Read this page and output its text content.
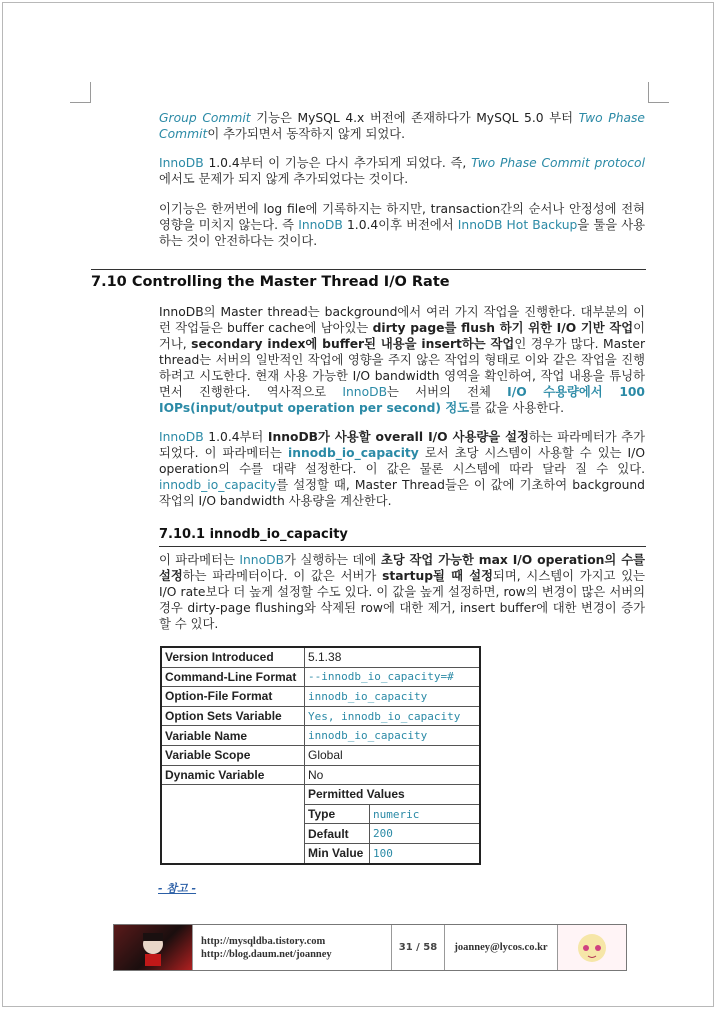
Group Commit 기능은 MySQL 4.x 버전에 존재하다가 MySQL 5.0 부터 Two Phase Commit이 추가되면서 동작하지 않게 되었다.

InnoDB 1.0.4부터 이 기능은 다시 추가되게 되었다. 즉, Two Phase Commit protocol에서도 문제가 되지 않게 추가되었다는 것이다.

이기능은 한꺼번에 log file에 기록하지는 하지만, transaction간의 순서나 안정성에 전혀 영향을 미치지 않는다. 즉 InnoDB 1.0.4이후 버전에서 InnoDB Hot Backup을 툴을 사용하는 것이 안전하다는 것이다.

7.10 Controlling the Master Thread I/O Rate

InnoDB의 Master thread는 background에서 여러 가지 작업을 진행한다. 대부분의 이런 작업들은 buffer cache에 남아있는 dirty page를 flush 하기 위한 I/O 기반 작업이거나, secondary index에 buffer된 내용을 insert하는 작업인 경우가 많다. Master thread는 서버의 일반적인 작업에 영향을 주지 않은 작업의 형태로 이와 같은 작업을 진행하려고 시도한다. 현재 사용 가능한 I/O bandwidth 영역을 확인하여, 작업 내용을 튜닝하면서 진행한다. 역사적으로 InnoDB는 서버의 전체 I/O 수용량에서 100 IOPs(input/output operation per second) 정도를 값을 사용한다.

InnoDB 1.0.4부터 InnoDB가 사용할 overall I/O 사용량을 설정하는 파라메터가 추가되었다. 이 파라메터는 innodb_io_capacity 로서 초당 시스템이 사용할 수 있는 I/O operation의 수를 대략 설정한다. 이 값은 물론 시스템에 따라 달라 질 수 있다. innodb_io_capacity를 설정할 때, Master Thread들은 이 값에 기초하여 background 작업의 I/O bandwidth 사용량을 계산한다.

7.10.1 innodb_io_capacity

이 파라메터는 InnoDB가 실행하는 데에 초당 작업 가능한 max I/O operation의 수를 설정하는 파라메터이다. 이 값은 서버가 startup될 때 설정되며, 시스템이 가지고 있는 I/O rate보다 더 높게 설정할 수도 있다. 이 값을 높게 설정하면, row의 변경이 많은 서버의 경우 dirty-page flushing와 삭제된 row에 대한 제거, insert buffer에 대한 변경이 증가할 수 있다.

Version Introduced	5.1.38
Command-Line Format	--innodb_io_capacity=#
Option-File Format	innodb_io_capacity
Option Sets Variable	Yes, innodb_io_capacity
Variable Name	innodb_io_capacity
Variable Scope	Global
Dynamic Variable	No
	Permitted Values

Type	numeric

Default	200

Min Value	100
- 참고 -
http://mysqldba.tistory.com
http://blog.daum.net/joanney
31 / 58	joanney@lycos.co.kr
